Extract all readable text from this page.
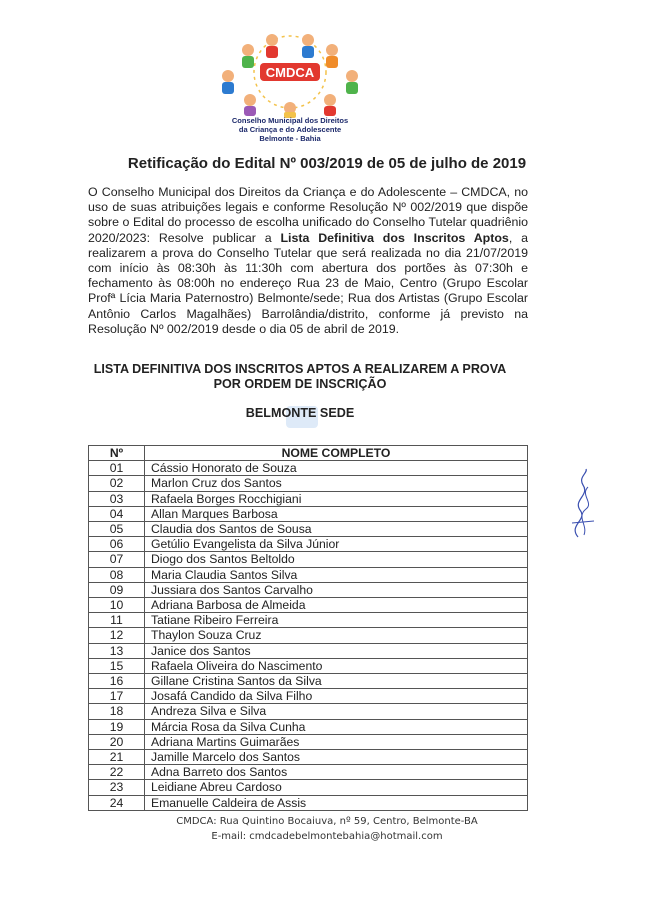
CMDCA
Conselho Municipal dos Direitos
da Criança e do Adolescente
Belmonte - Bahia
Retificação do Edital Nº 003/2019 de 05 de julho de 2019
O Conselho Municipal dos Direitos da Criança e do Adolescente – CMDCA, no uso de suas atribuições legais e conforme Resolução Nº 002/2019 que dispõe sobre o Edital do processo de escolha unificado do Conselho Tutelar quadriênio 2020/2023: Resolve publicar a Lista Definitiva dos Inscritos Aptos, a realizarem a prova do Conselho Tutelar que será realizada no dia 21/07/2019 com início às 08:30h às 11:30h com abertura dos portões às 07:30h e fechamento às 08:00h no endereço Rua 23 de Maio, Centro (Grupo Escolar Profª Lícia Maria Paternostro) Belmonte/sede; Rua dos Artistas (Grupo Escolar Antônio Carlos Magalhães) Barrolândia/distrito, conforme já previsto na Resolução Nº 002/2019 desde o dia 05 de abril de 2019.
LISTA DEFINITIVA DOS INSCRITOS APTOS A REALIZAREM A PROVA
POR ORDEM DE INSCRIÇÃO
BELMONTE SEDE
Nº	NOME COMPLETO
01	Cássio Honorato de Souza
02	Marlon Cruz dos Santos
03	Rafaela Borges Rocchigiani
04	Allan Marques Barbosa
05	Claudia dos Santos de Sousa
06	Getúlio Evangelista da Silva Júnior
07	Diogo dos Santos Beltoldo
08	Maria Claudia Santos Silva
09	Jussiara dos Santos Carvalho
10	Adriana Barbosa de Almeida
11	Tatiane Ribeiro Ferreira
12	Thaylon Souza Cruz
13	Janice dos Santos
15	Rafaela Oliveira do Nascimento
16	Gillane Cristina Santos da Silva
17	Josafá Candido da Silva Filho
18	Andreza Silva e Silva
19	Márcia Rosa da Silva Cunha
20	Adriana Martins Guimarães
21	Jamille Marcelo dos Santos
22	Adna Barreto dos Santos
23	Leidiane Abreu Cardoso
24	Emanuelle Caldeira de Assis
CMDCA: Rua Quintino Bocaiuva, nº 59, Centro, Belmonte-BA
E-mail: cmdcadebelmontebahia@hotmail.com
